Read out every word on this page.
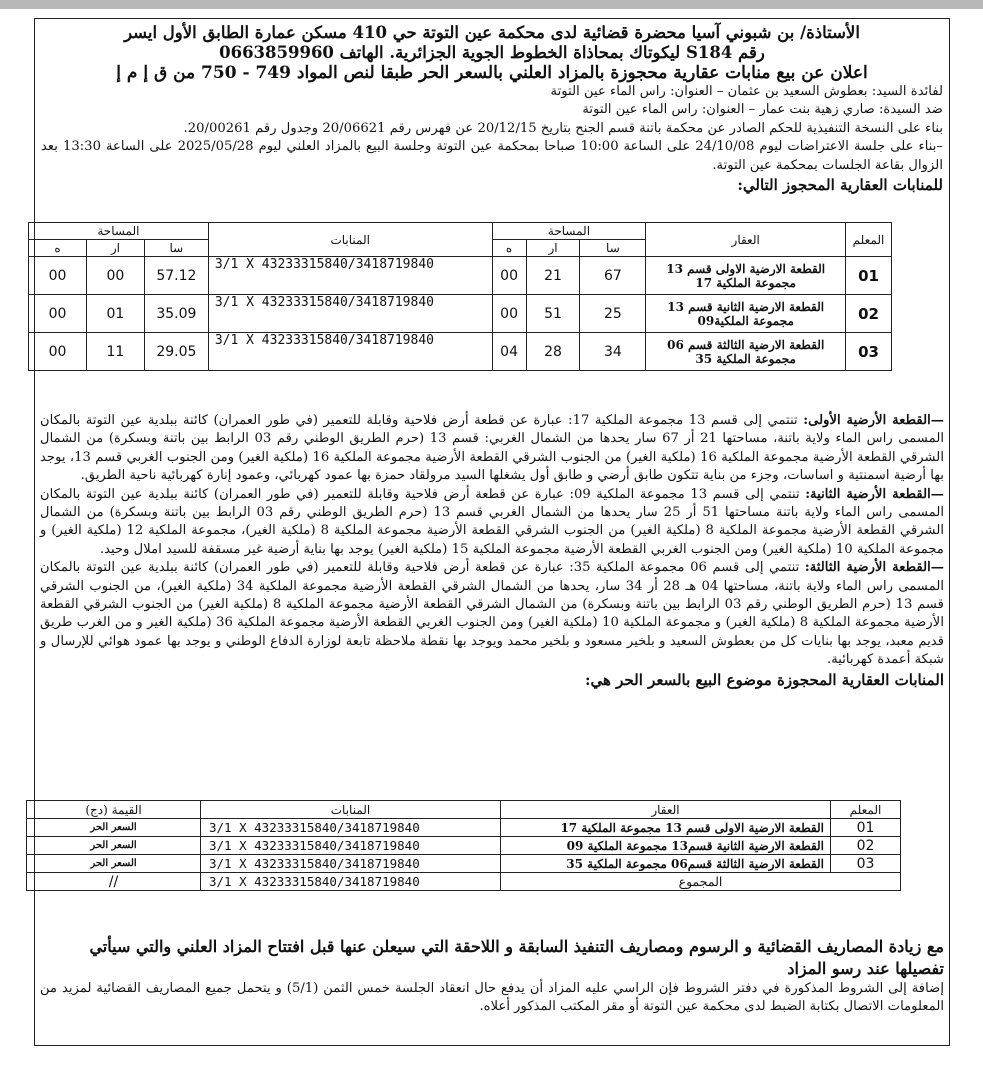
الأستاذة/ بن شبوني آسيا محضرة قضائية لدى محكمة عين التوتة حي 410 مسكن عمارة الطابق الأول ايسر
رقم S184 ليكوتاك بمحاذاة الخطوط الجوية الجزائرية. الهاتف 0663859960
اعلان عن بيع منابات عقارية محجوزة بالمزاد العلني بالسعر الحر طبقا لنص المواد 749 - 750 من ق إ م إ
لفائدة السيد: بعطوش السعيد بن عثمان – العنوان: راس الماء عين التوتة
ضد السيدة: صاري زهية بنت عمار – العنوان: راس الماء عين التوتة
بناء على النسخة التنفيذية للحكم الصادر عن محكمة باتنة قسم الجنح بتاريخ 20/12/15 عن فهرس رقم 20/06621 وجدول رقم 20/00261.
–بناء على جلسة الاعتراضات ليوم 24/10/08 على الساعة 10:00 صباحا بمحكمة عين التوتة وجلسة البيع بالمزاد العلني ليوم 2025/05/28 على الساعة 13:30 بعد الزوال بقاعة الجلسات بمحكمة عين التوتة.
للمنابات العقارية المحجوز التالي:
المعلم	العقار	المساحة			المنابات	المساحة		
		سا	ار	ه		سا	ار	ه
01	القطعة الارضية الاولى قسم 13 مجموعة الملكية 17	67	21	00	3/1 X 43233315840/3418719840	57.12	00	00
02	القطعة الارضية الثانية قسم 13 مجموعة الملكية09	25	51	00	3/1 X 43233315840/3418719840	35.09	01	00
03	القطعة الارضية الثالثة قسم 06 مجموعة الملكية 35	34	28	04	3/1 X 43233315840/3418719840	29.05	11	00
—القطعة الأرضية الأولى: تنتمي إلى قسم 13 مجموعة الملكية 17: عبارة عن قطعة أرض فلاحية وقابلة للتعمير (في طور العمران) كائنة ببلدية عين التوتة بالمكان المسمى راس الماء ولاية باتنة، مساحتها 21 أر 67 سار يحدها من الشمال الغربي: قسم 13 (حرم الطريق الوطني رقم 03 الرابط بين باتنة وبسكرة) من الشمال الشرقي القطعة الأرضية مجموعة الملكية 16 (ملكية الغير) من الجنوب الشرقي القطعة الأرضية مجموعة الملكية 16 (ملكية الغير) ومن الجنوب الغربي قسم 13، يوجد بها أرضية اسمنتية و اساسات، وجزء من بناية تتكون طابق أرضي و طابق أول يشغلها السيد مرولقاد حمزة بها عمود كهربائي، وعمود إنارة كهربائية ناحية الطريق.
—القطعة الأرضية الثانية: تنتمي إلى قسم 13 مجموعة الملكية 09: عبارة عن قطعة أرض فلاحية وقابلة للتعمير (في طور العمران) كائنة ببلدية عين التوتة بالمكان المسمى راس الماء ولاية باتنة مساحتها 51 أر 25 سار يحدها من الشمال الغربي قسم 13 (حرم الطريق الوطني رقم 03 الرابط بين باتنة وبسكرة) من الشمال الشرقي القطعة الأرضية مجموعة الملكية 8 (ملكية الغير) من الجنوب الشرقي القطعة الأرضية مجموعة الملكية 8 (ملكية الغير)، مجموعة الملكية 12 (ملكية الغير) و مجموعة الملكية 10 (ملكية الغير) ومن الجنوب الغربي القطعة الأرضية مجموعة الملكية 15 (ملكية الغير) يوجد بها بناية أرضية غير مسقفة للسيد املال وحيد.
—القطعة الأرضية الثالثة: تنتمي إلى قسم 06 مجموعة الملكية 35: عبارة عن قطعة أرض فلاحية وقابلة للتعمير (في طور العمران) كائنة ببلدية عين التوتة بالمكان المسمى راس الماء ولاية باتنة، مساحتها 04 هـ 28 أر 34 سار، يحدها من الشمال الشرقي القطعة الأرضية مجموعة الملكية 34 (ملكية الغير)، من الجنوب الشرقي قسم 13 (حرم الطريق الوطني رقم 03 الرابط بين باتنة وبسكرة) من الشمال الشرقي القطعة الأرضية مجموعة الملكية 8 (ملكية الغير) من الجنوب الشرقي القطعة الأرضية مجموعة الملكية 8 (ملكية الغير) و مجموعة الملكية 10 (ملكية الغير) ومن الجنوب الغربي القطعة الأرضية مجموعة الملكية 36 (ملكية الغير و من الغرب طريق قديم معبد، يوجد بها بنايات كل من بعطوش السعيد و بلخير مسعود و بلخير محمد ويوجد بها نقطة ملاحظة تابعة لوزارة الدفاع الوطني و يوجد بها عمود هوائي للإرسال و شبكة أعمدة كهربائية.
المنابات العقارية المحجوزة موضوع البيع بالسعر الحر هي:
المعلم	العقار	المنابات	القيمة (دج)
01	القطعة الارضية الاولى قسم 13 مجموعة الملكية 17	3/1 X 43233315840/3418719840	السعر الحر
02	القطعة الارضية الثانية قسم13 مجموعة الملكية 09	3/1 X 43233315840/3418719840	السعر الحر
03	القطعة الارضية الثالثة قسم06 مجموعة الملكية 35	3/1 X 43233315840/3418719840	السعر الحر
المجموع		3/1 X 43233315840/3418719840	//
مع زيادة المصاريف القضائية و الرسوم ومصاريف التنفيذ السابقة و اللاحقة التي سيعلن عنها قبل افتتاح المزاد العلني والتي سيأتي تفصيلها عند رسو المزاد
إضافة إلى الشروط المذكورة في دفتر الشروط فإن الراسي عليه المزاد أن يدفع حال انعقاد الجلسة خمس الثمن (5/1) و يتحمل جميع المصاريف القضائية لمزيد من المعلومات الاتصال بكتابة الضبط لدى محكمة عين التوتة أو مقر المكتب المذكور أعلاه.
